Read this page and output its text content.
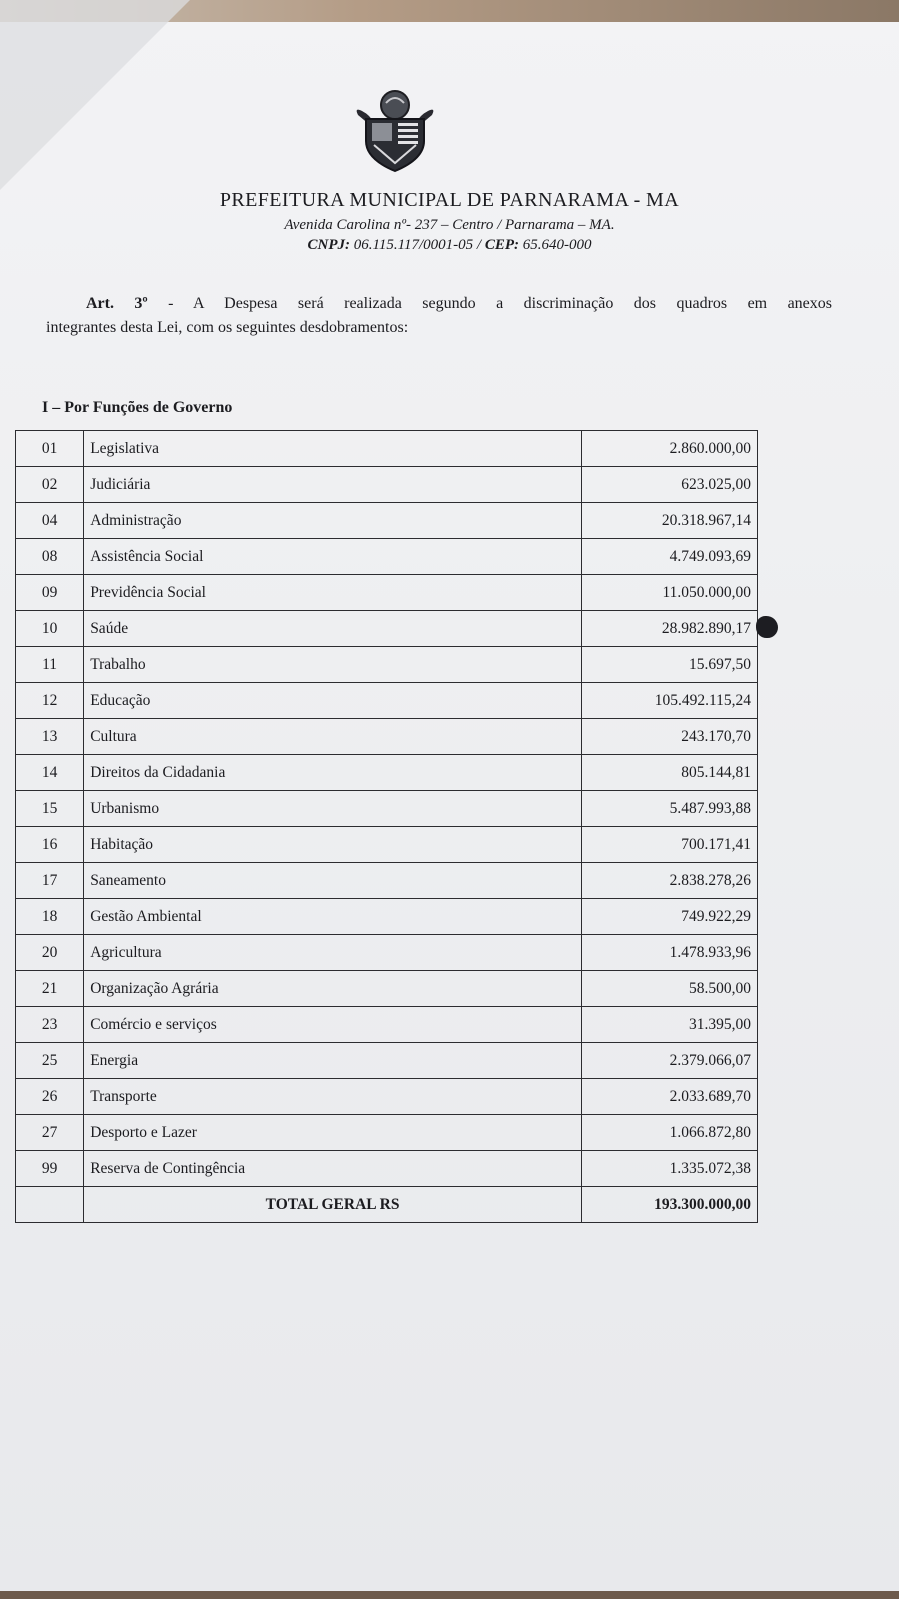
PREFEITURA MUNICIPAL DE PARNARAMA - MA
Avenida Carolina nº- 237 – Centro / Parnarama – MA.
CNPJ: 06.115.117/0001-05 / CEP: 65.640-000
Art. 3º - A Despesa será realizada segundo a discriminação dos quadros em anexos
integrantes desta Lei, com os seguintes desdobramentos:
I – Por Funções de Governo
01	Legislativa	2.860.000,00
02	Judiciária	623.025,00
04	Administração	20.318.967,14
08	Assistência Social	4.749.093,69
09	Previdência Social	11.050.000,00
10	Saúde	28.982.890,17
11	Trabalho	15.697,50
12	Educação	105.492.115,24
13	Cultura	243.170,70
14	Direitos da Cidadania	805.144,81
15	Urbanismo	5.487.993,88
16	Habitação	700.171,41
17	Saneamento	2.838.278,26
18	Gestão Ambiental	749.922,29
20	Agricultura	1.478.933,96
21	Organização Agrária	58.500,00
23	Comércio e serviços	31.395,00
25	Energia	2.379.066,07
26	Transporte	2.033.689,70
27	Desporto e Lazer	1.066.872,80
99	Reserva de Contingência	1.335.072,38
	TOTAL GERAL RS	193.300.000,00
